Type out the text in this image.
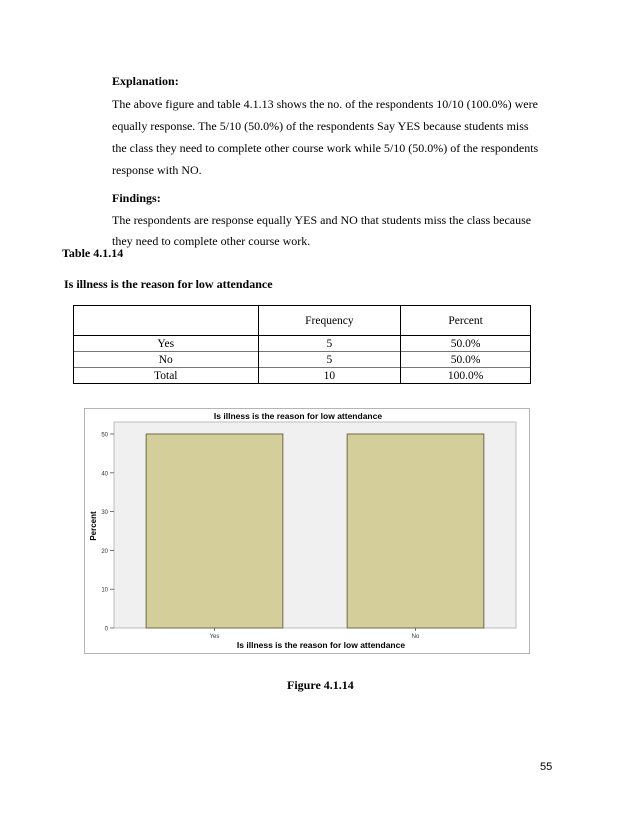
Explanation:
The above figure and table 4.1.13 shows the no. of the respondents 10/10 (100.0%) were
equally response. The 5/10 (50.0%) of the respondents Say YES because students miss
the class they need to complete other course work while 5/10 (50.0%) of the respondents
response with NO.
Findings:
The respondents are response equally YES and NO that students miss the class because
they need to complete other course work.
Table 4.1.14
Is illness is the reason for low attendance
	Frequency	Percent
Yes	5	50.0%
No	5	50.0%
Total	10	100.0%
Is illness is the reason for low attendance
0
10
20
30
40
50
Yes	No
Percent
Is illness is the reason for low attendance
Figure 4.1.14
55
